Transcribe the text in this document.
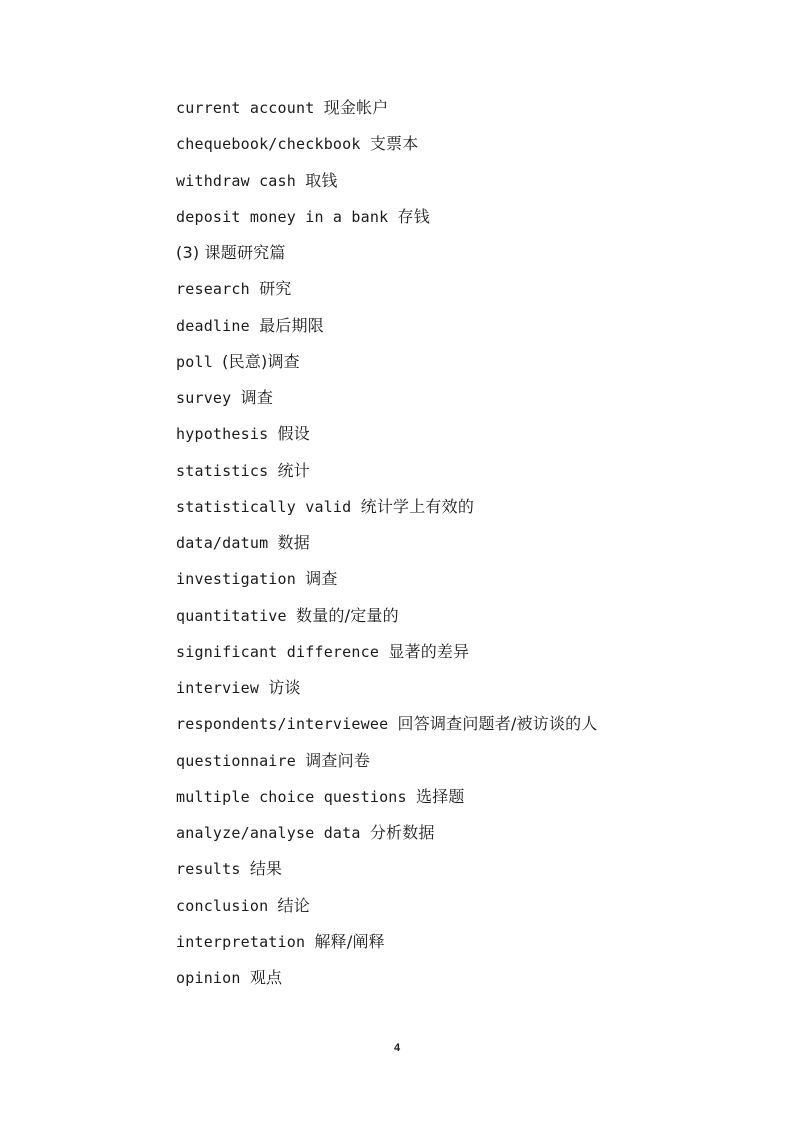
current account 现金帐户
chequebook/checkbook 支票本
withdraw cash 取钱
deposit money in a bank 存钱
(3) 课题研究篇
research 研究
deadline 最后期限
poll (民意)调查
survey 调查
hypothesis 假设
statistics 统计
statistically valid 统计学上有效的
data/datum 数据
investigation 调查
quantitative 数量的/定量的
significant difference 显著的差异
interview 访谈
respondents/interviewee 回答调查问题者/被访谈的人
questionnaire 调查问卷
multiple choice questions 选择题
analyze/analyse data 分析数据
results 结果
conclusion 结论
interpretation 解释/阐释
opinion 观点
4
